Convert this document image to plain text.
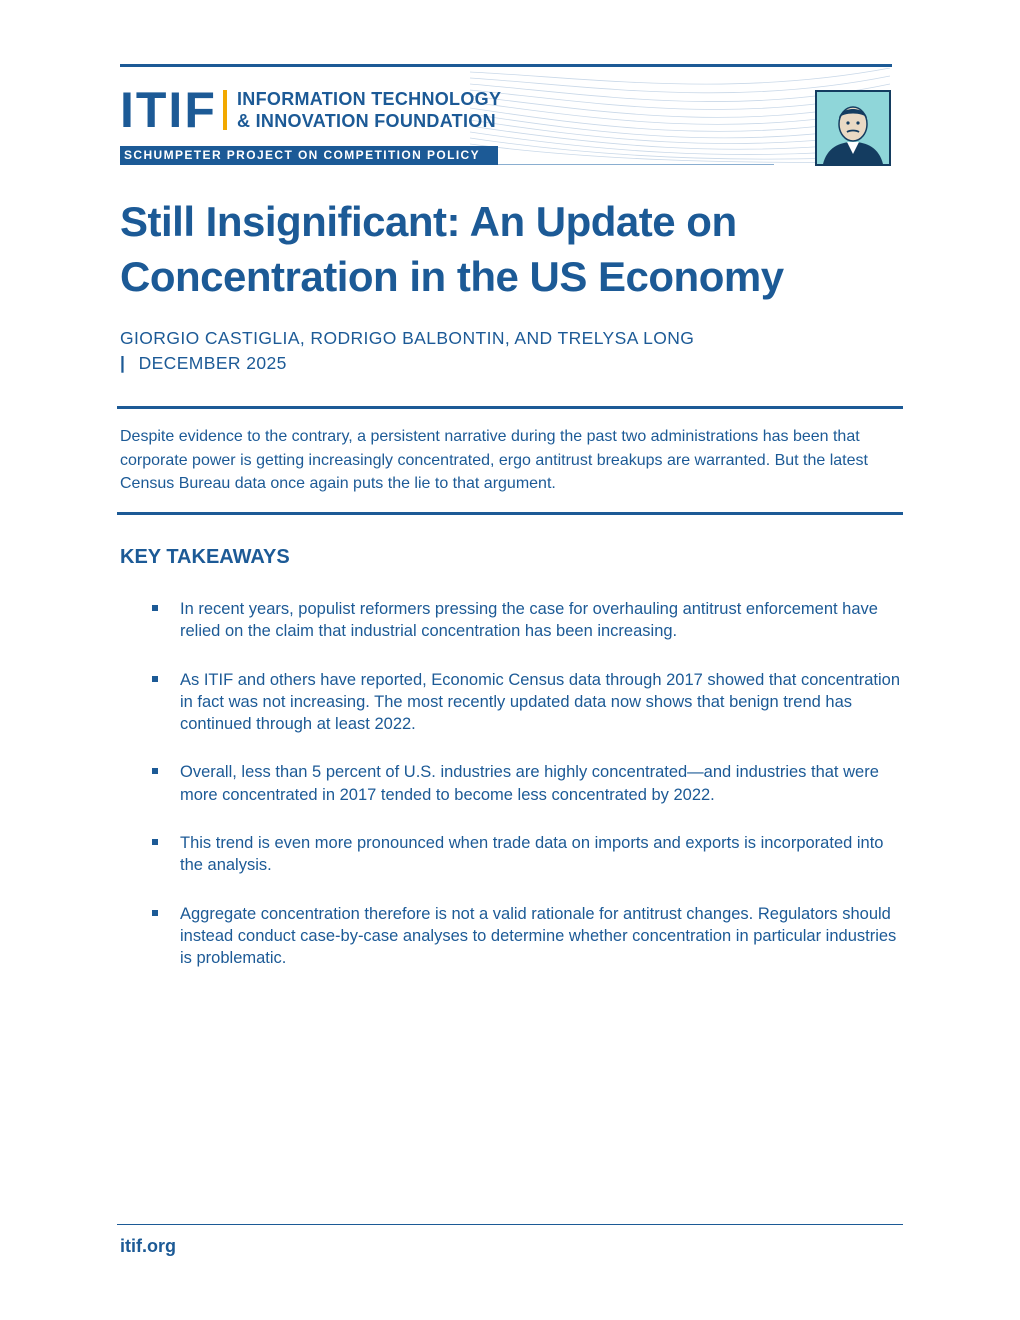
ITIF INFORMATION TECHNOLOGY
& INNOVATION FOUNDATION
SCHUMPETER PROJECT ON COMPETITION POLICY
Still Insignificant: An Update on Concentration in the US Economy
GIORGIO CASTIGLIA, RODRIGO BALBONTIN, AND TRELYSA LONG
| DECEMBER 2025

Despite evidence to the contrary, a persistent narrative during the past two administrations has been that corporate power is getting increasingly concentrated, ergo antitrust breakups are warranted. But the latest Census Bureau data once again puts the lie to that argument.

KEY TAKEAWAYS
In recent years, populist reformers pressing the case for overhauling antitrust enforcement have relied on the claim that industrial concentration has been increasing.
As ITIF and others have reported, Economic Census data through 2017 showed that concentration in fact was not increasing. The most recently updated data now shows that benign trend has continued through at least 2022.
Overall, less than 5 percent of U.S. industries are highly concentrated—and industries that were more concentrated in 2017 tended to become less concentrated by 2022.
This trend is even more pronounced when trade data on imports and exports is incorporated into the analysis.
Aggregate concentration therefore is not a valid rationale for antitrust changes. Regulators should instead conduct case-by-case analyses to determine whether concentration in particular industries is problematic.
itif.org
